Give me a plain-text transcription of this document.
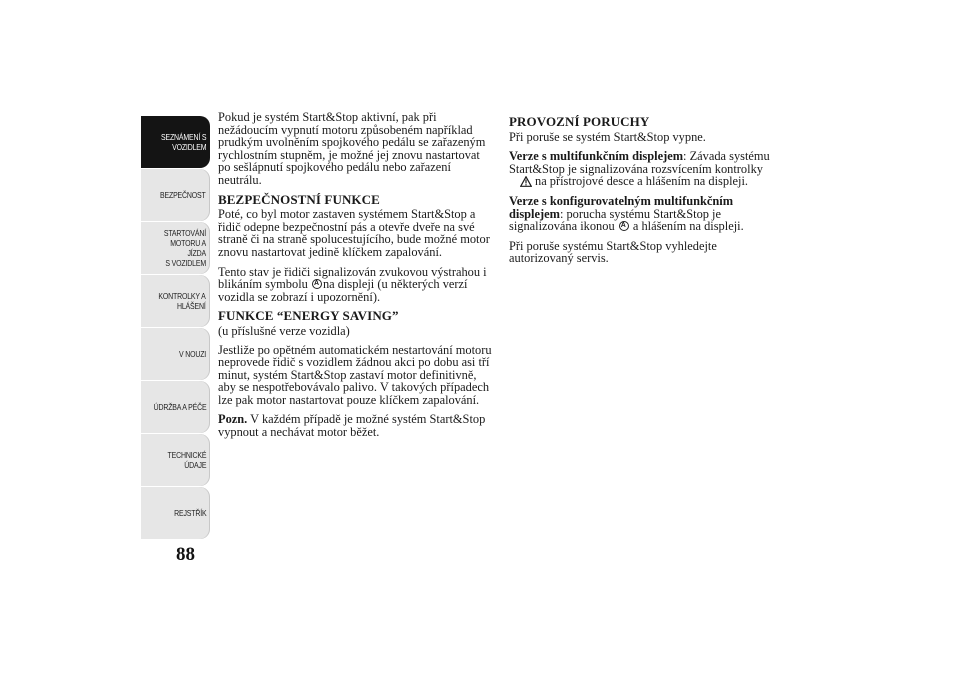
SEZNÁMENÍ S
VOZIDLEM
BEZPEČNOST
STARTOVÁNÍ
MOTORU A JÍZDA
S VOZIDLEM
KONTROLKY A
HLÁŠENÍ
V NOUZI
ÚDRŽBA A PÉČE
TECHNICKÉ
ÚDAJE
REJSTŘÍK
88

Pokud je systém Start&Stop aktivní, pak při nežádoucím vypnutí motoru způsobeném například prudkým uvolněním spojkového pedálu se zařazeným rychlostním stupněm, je možné jej znovu nastartovat po sešlápnutí spojkového pedálu nebo zařazení neutrálu.

BEZPEČNOSTNÍ FUNKCE

Poté, co byl motor zastaven systémem Start&Stop a řidič odepne bezpečnostní pás a otevře dveře na své straně či na straně spolucestujícího, bude možné motor znovu nastartovat jedině klíčkem zapalování.

Tento stav je řidiči signalizován zvukovou výstrahou i blikáním symbolu A na displeji (u některých verzí vozidla se zobrazí i upozornění).

FUNKCE “ENERGY SAVING”

(u příslušné verze vozidla)

Jestliže po opětném automatickém nestartování motoru neprovede řidič s vozidlem žádnou akci po dobu asi tří minut, systém Start&Stop zastaví motor definitivně, aby se nespotřebovávalo palivo. V takových případech lze pak motor nastartovat pouze klíčkem zapalování.

Pozn. V každém případě je možné systém Start&Stop vypnout a nechávat motor běžet.

PROVOZNÍ PORUCHY

Při poruše se systém Start&Stop vypne.

Verze s multifunkčním displejem: Závada systému Start&Stop je signalizována rozsvícením kontrolky
na přístrojové desce a hlášením na displeji.

Verze s konfigurovatelným multifunkčním displejem: porucha systému Start&Stop je signalizována ikonou A a hlášením na displeji.

Při poruše systému Start&Stop vyhledejte autorizovaný servis.
